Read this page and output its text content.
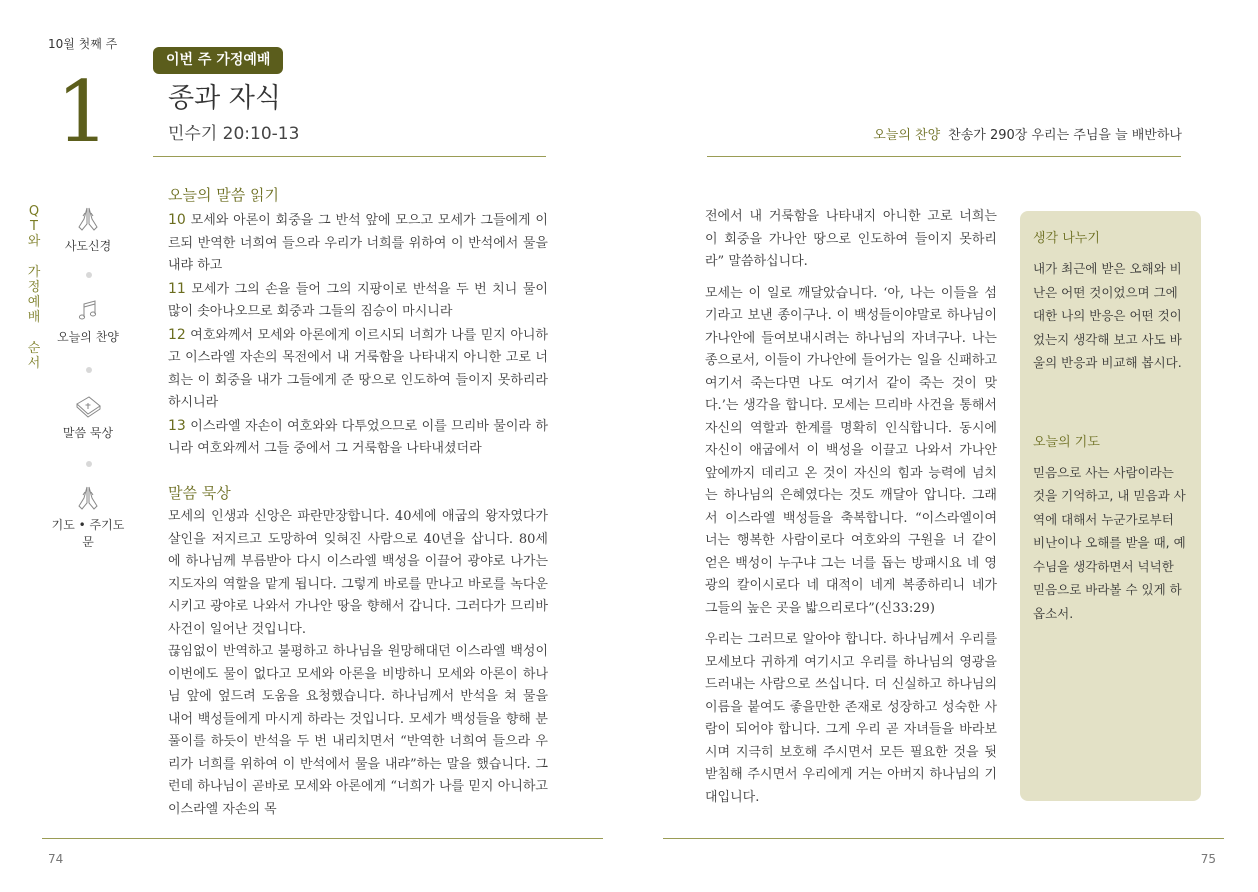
10월 첫째 주
1
이번 주 가정예배
종과 자식
민수기 20:10-13
QT와
가정예배
순서
사도신경
오늘의 찬양
말씀 묵상
기도 • 주기도문
오늘의 말씀 읽기
10 모세와 아론이 회중을 그 반석 앞에 모으고 모세가 그들에게 이르되 반역한 너희여 들으라 우리가 너희를 위하여 이 반석에서 물을 내랴 하고
11 모세가 그의 손을 들어 그의 지팡이로 반석을 두 번 치니 물이 많이 솟아나오므로 회중과 그들의 짐승이 마시니라
12 여호와께서 모세와 아론에게 이르시되 너희가 나를 믿지 아니하고 이스라엘 자손의 목전에서 내 거룩함을 나타내지 아니한 고로 너희는 이 회중을 내가 그들에게 준 땅으로 인도하여 들이지 못하리라 하시니라
13 이스라엘 자손이 여호와와 다투었으므로 이를 므리바 물이라 하니라 여호와께서 그들 중에서 그 거룩함을 나타내셨더라
말씀 묵상

모세의 인생과 신앙은 파란만장합니다. 40세에 애굽의 왕자였다가 살인을 저지르고 도망하여 잊혀진 사람으로 40년을 삽니다. 80세에 하나님께 부름받아 다시 이스라엘 백성을 이끌어 광야로 나가는 지도자의 역할을 맡게 됩니다. 그렇게 바로를 만나고 바로를 녹다운 시키고 광야로 나와서 가나안 땅을 향해서 갑니다. 그러다가 므리바 사건이 일어난 것입니다.

끊임없이 반역하고 불평하고 하나님을 원망해대던 이스라엘 백성이 이번에도 물이 없다고 모세와 아론을 비방하니 모세와 아론이 하나님 앞에 엎드려 도움을 요청했습니다. 하나님께서 반석을 쳐 물을 내어 백성들에게 마시게 하라는 것입니다. 모세가 백성들을 향해 분풀이를 하듯이 반석을 두 번 내리치면서 “반역한 너희여 들으라 우리가 너희를 위하여 이 반석에서 물을 내랴”하는 말을 했습니다. 그런데 하나님이 곧바로 모세와 아론에게 “너희가 나를 믿지 아니하고 이스라엘 자손의 목

74
오늘의 찬양 찬송가 290장 우리는 주님을 늘 배반하나

전에서 내 거룩함을 나타내지 아니한 고로 너희는 이 회중을 가나안 땅으로 인도하여 들이지 못하리라” 말씀하십니다.

모세는 이 일로 깨달았습니다. ‘아, 나는 이들을 섬기라고 보낸 종이구나. 이 백성들이야말로 하나님이 가나안에 들여보내시려는 하나님의 자녀구나. 나는 종으로서, 이들이 가나안에 들어가는 일을 신패하고 여기서 죽는다면 나도 여기서 같이 죽는 것이 맞다.’는 생각을 합니다. 모세는 므리바 사건을 통해서 자신의 역할과 한계를 명확히 인식합니다. 동시에 자신이 애굽에서 이 백성을 이끌고 나와서 가나안 앞에까지 데리고 온 것이 자신의 힘과 능력에 넘치는 하나님의 은혜였다는 것도 깨달아 압니다. 그래서 이스라엘 백성들을 축복합니다. “이스라엘이여 너는 행복한 사람이로다 여호와의 구원을 너 같이 얻은 백성이 누구냐 그는 너를 돕는 방패시요 네 영광의 칼이시로다 네 대적이 네게 복종하리니 네가 그들의 높은 곳을 밟으리로다”(신33:29)

우리는 그러므로 알아야 합니다. 하나님께서 우리를 모세보다 귀하게 여기시고 우리를 하나님의 영광을 드러내는 사람으로 쓰십니다. 더 신실하고 하나님의 이름을 붙여도 좋을만한 존재로 성장하고 성숙한 사람이 되어야 합니다. 그게 우리 곧 자녀들을 바라보시며 지극히 보호해 주시면서 모든 필요한 것을 뒷받침해 주시면서 우리에게 거는 아버지 하나님의 기대입니다.

생각 나누기
내가 최근에 받은 오해와 비난은 어떤 것이었으며 그에 대한 나의 반응은 어떤 것이었는지 생각해 보고 사도 바울의 반응과 비교해 봅시다.
오늘의 기도
믿음으로 사는 사람이라는 것을 기억하고, 내 믿음과 사역에 대해서 누군가로부터 비난이나 오해를 받을 때, 예수님을 생각하면서 넉넉한 믿음으로 바라볼 수 있게 하옵소서.
75
